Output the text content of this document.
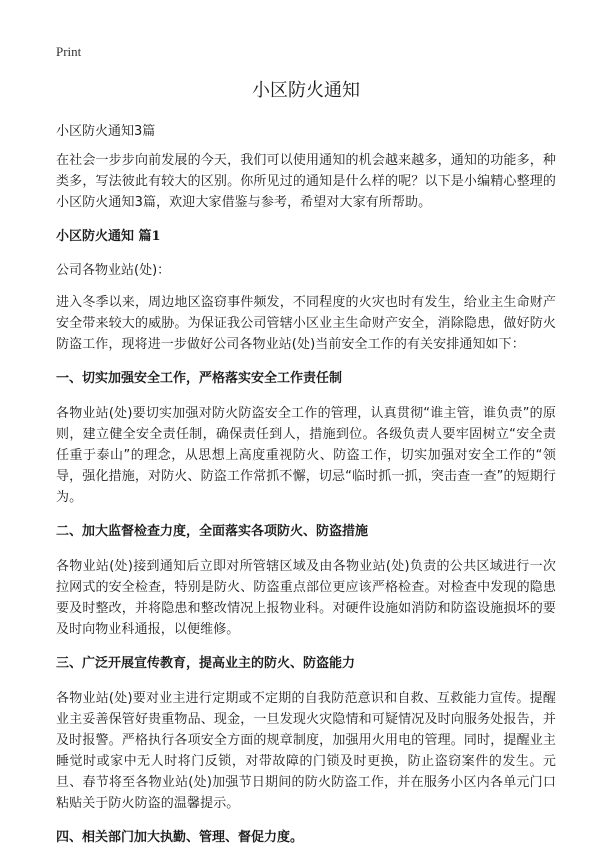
Print
小区防火通知
小区防火通知3篇

在社会一步步向前发展的今天，我们可以使用通知的机会越来越多，通知的功能多，种类多，写法彼此有较大的区别。你所见过的通知是什么样的呢？以下是小编精心整理的小区防火通知3篇，欢迎大家借鉴与参考，希望对大家有所帮助。

小区防火通知 篇1
公司各物业站(处)：

进入冬季以来，周边地区盗窃事件频发，不同程度的火灾也时有发生，给业主生命财产安全带来较大的威胁。为保证我公司管辖小区业主生命财产安全，消除隐患，做好防火防盗工作，现将进一步做好公司各物业站(处)当前安全工作的有关安排通知如下：

一、切实加强安全工作，严格落实安全工作责任制

各物业站(处)要切实加强对防火防盗安全工作的管理，认真贯彻“谁主管，谁负责”的原则，建立健全安全责任制，确保责任到人，措施到位。各级负责人要牢固树立“安全责任重于泰山”的理念，从思想上高度重视防火、防盗工作，切实加强对安全工作的“领导，强化措施，对防火、防盗工作常抓不懈，切忌“临时抓一抓，突击查一查”的短期行为。

二、加大监督检查力度，全面落实各项防火、防盗措施

各物业站(处)接到通知后立即对所管辖区域及由各物业站(处)负责的公共区域进行一次拉网式的安全检查，特别是防火、防盗重点部位更应该严格检查。对检查中发现的隐患要及时整改，并将隐患和整改情况上报物业科。对硬件设施如消防和防盗设施损坏的要及时向物业科通报，以便维修。

三、广泛开展宣传教育，提高业主的防火、防盗能力

各物业站(处)要对业主进行定期或不定期的自我防范意识和自救、互救能力宣传。提醒业主妥善保管好贵重物品、现金，一旦发现火灾隐情和可疑情况及时向服务处报告，并及时报警。严格执行各项安全方面的规章制度，加强用火用电的管理。同时，提醒业主睡觉时或家中无人时将门反锁，对带故障的门锁及时更换，防止盗窃案件的发生。元旦、春节将至各物业站(处)加强节日期间的防火防盗工作，并在服务小区内各单元门口粘贴关于防火防盗的温馨提示。

四、相关部门加大执勤、管理、督促力度。
